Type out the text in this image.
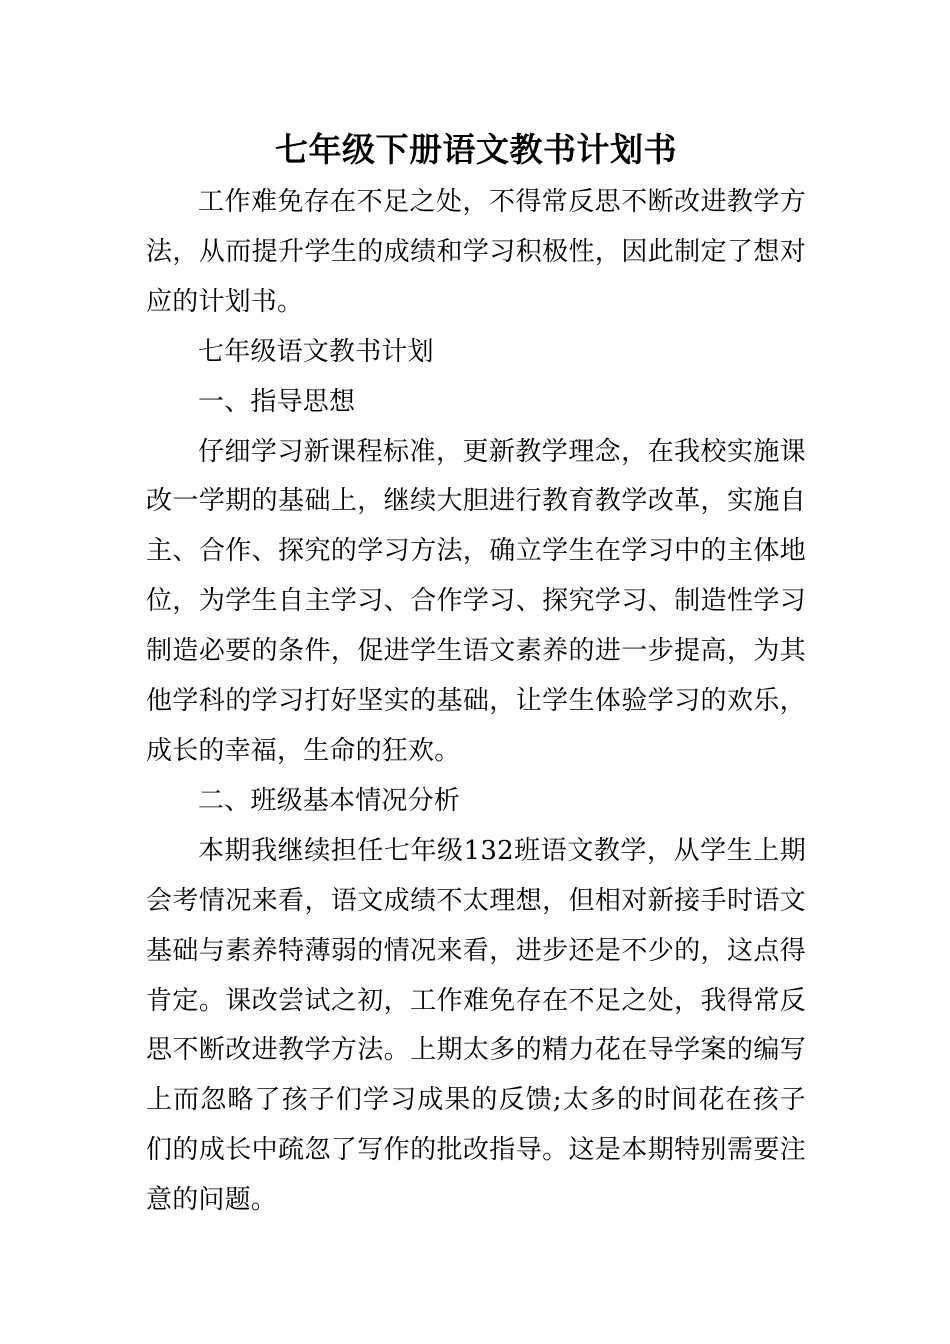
七年级下册语文教书计划书

工作难免存在不足之处，不得常反思不断改进教学方法，从而提升学生的成绩和学习积极性，因此制定了想对应的计划书。

七年级语文教书计划

一、指导思想

仔细学习新课程标准，更新教学理念，在我校实施课改一学期的基础上，继续大胆进行教育教学改革，实施自主、合作、探究的学习方法，确立学生在学习中的主体地位，为学生自主学习、合作学习、探究学习、制造性学习制造必要的条件，促进学生语文素养的进一步提高，为其他学科的学习打好坚实的基础，让学生体验学习的欢乐，成长的幸福，生命的狂欢。

二、班级基本情况分析

本期我继续担任七年级132班语文教学，从学生上期会考情况来看，语文成绩不太理想，但相对新接手时语文基础与素养特薄弱的情况来看，进步还是不少的，这点得肯定。课改尝试之初，工作难免存在不足之处，我得常反思不断改进教学方法。上期太多的精力花在导学案的编写上而忽略了孩子们学习成果的反馈;太多的时间花在孩子们的成长中疏忽了写作的批改指导。这是本期特别需要注意的问题。
